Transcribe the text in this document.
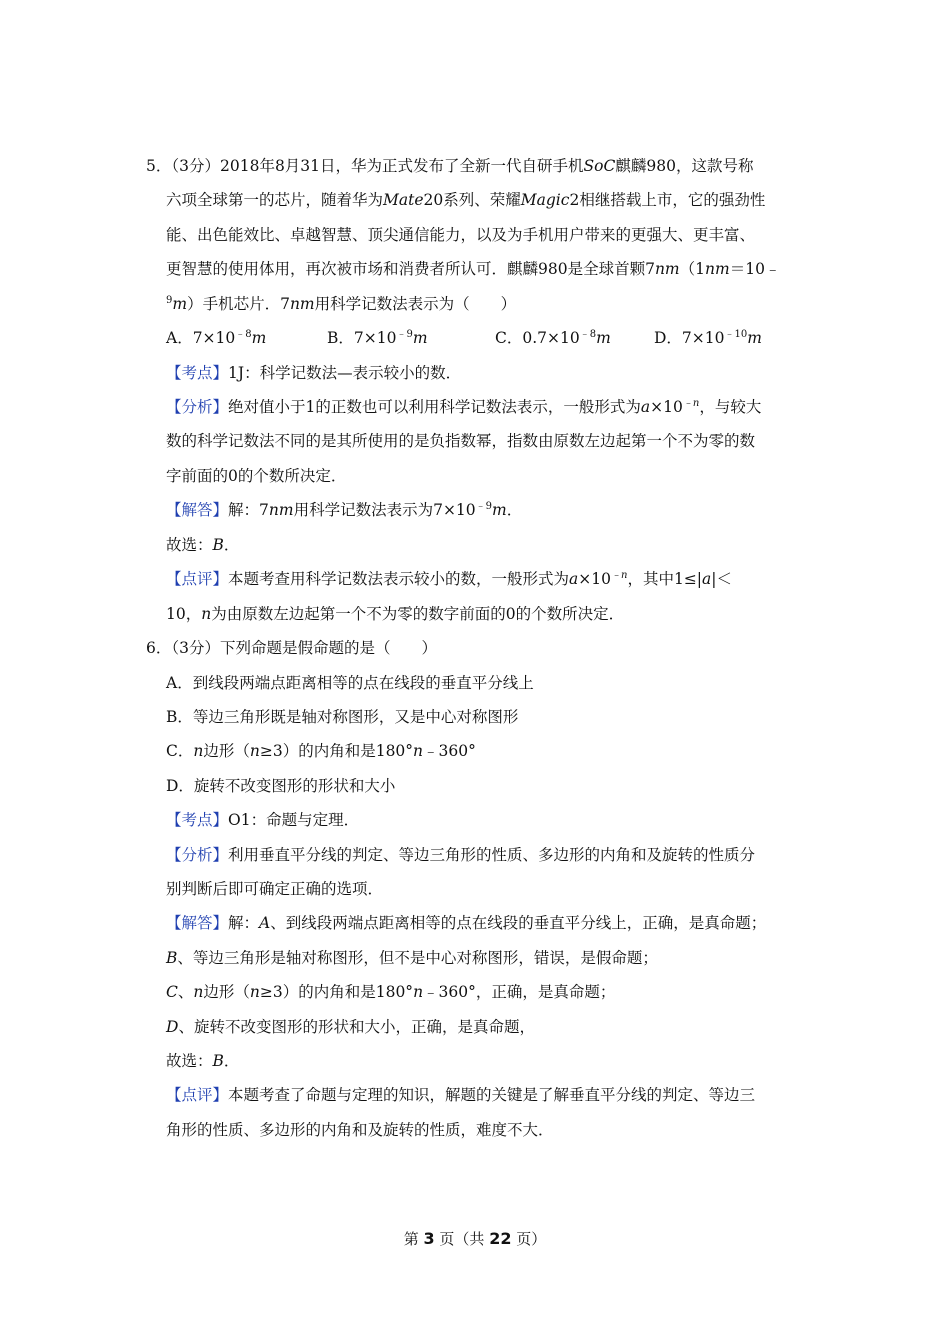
5．（3分）2018年8月31日，华为正式发布了全新一代自研手机SoC麒麟980，这款号称
六项全球第一的芯片，随着华为Mate20系列、荣耀Magic2相继搭载上市，它的强劲性
能、出色能效比、卓越智慧、顶尖通信能力，以及为手机用户带来的更强大、更丰富、
更智慧的使用体用，再次被市场和消费者所认可．麒麟980是全球首颗7nm（1nm＝10﹣
$^9$m）手机芯片．7nm用科学记数法表示为（　　）
A．$7\times 10^{﹣8}m$	B．$7\times 10^{﹣9}m$	C．$0.7\times 10^{﹣8}m$	D．$7\times 10^{﹣10}m$
【考点】1J：科学记数法—表示较小的数．
【分析】绝对值小于1的正数也可以利用科学记数法表示，一般形式为$a\times 10^{﹣n}$，与较大
数的科学记数法不同的是其所使用的是负指数幂，指数由原数左边起第一个不为零的数
字前面的0的个数所决定．
【解答】解：7nm用科学记数法表示为$7\times 10^{﹣9}m$．
故选：B．
【点评】本题考查用科学记数法表示较小的数，一般形式为$a\times 10^{﹣n}$，其中1≤|a|＜
10，n为由原数左边起第一个不为零的数字前面的0的个数所决定．
6．（3分）下列命题是假命题的是（　　）
A．到线段两端点距离相等的点在线段的垂直平分线上
B．等边三角形既是轴对称图形，又是中心对称图形
C．n边形（n≥3）的内角和是180°n﹣360°
D．旋转不改变图形的形状和大小
【考点】O1：命题与定理．
【分析】利用垂直平分线的判定、等边三角形的性质、多边形的内角和及旋转的性质分
别判断后即可确定正确的选项．
【解答】解：A、到线段两端点距离相等的点在线段的垂直平分线上，正确，是真命题；
B、等边三角形是轴对称图形，但不是中心对称图形，错误，是假命题；
C、n边形（n≥3）的内角和是180°n﹣360°，正确，是真命题；
D、旋转不改变图形的形状和大小，正确，是真命题，
故选：B．
【点评】本题考查了命题与定理的知识，解题的关键是了解垂直平分线的判定、等边三
角形的性质、多边形的内角和及旋转的性质，难度不大．
第 3 页（共 22 页）
